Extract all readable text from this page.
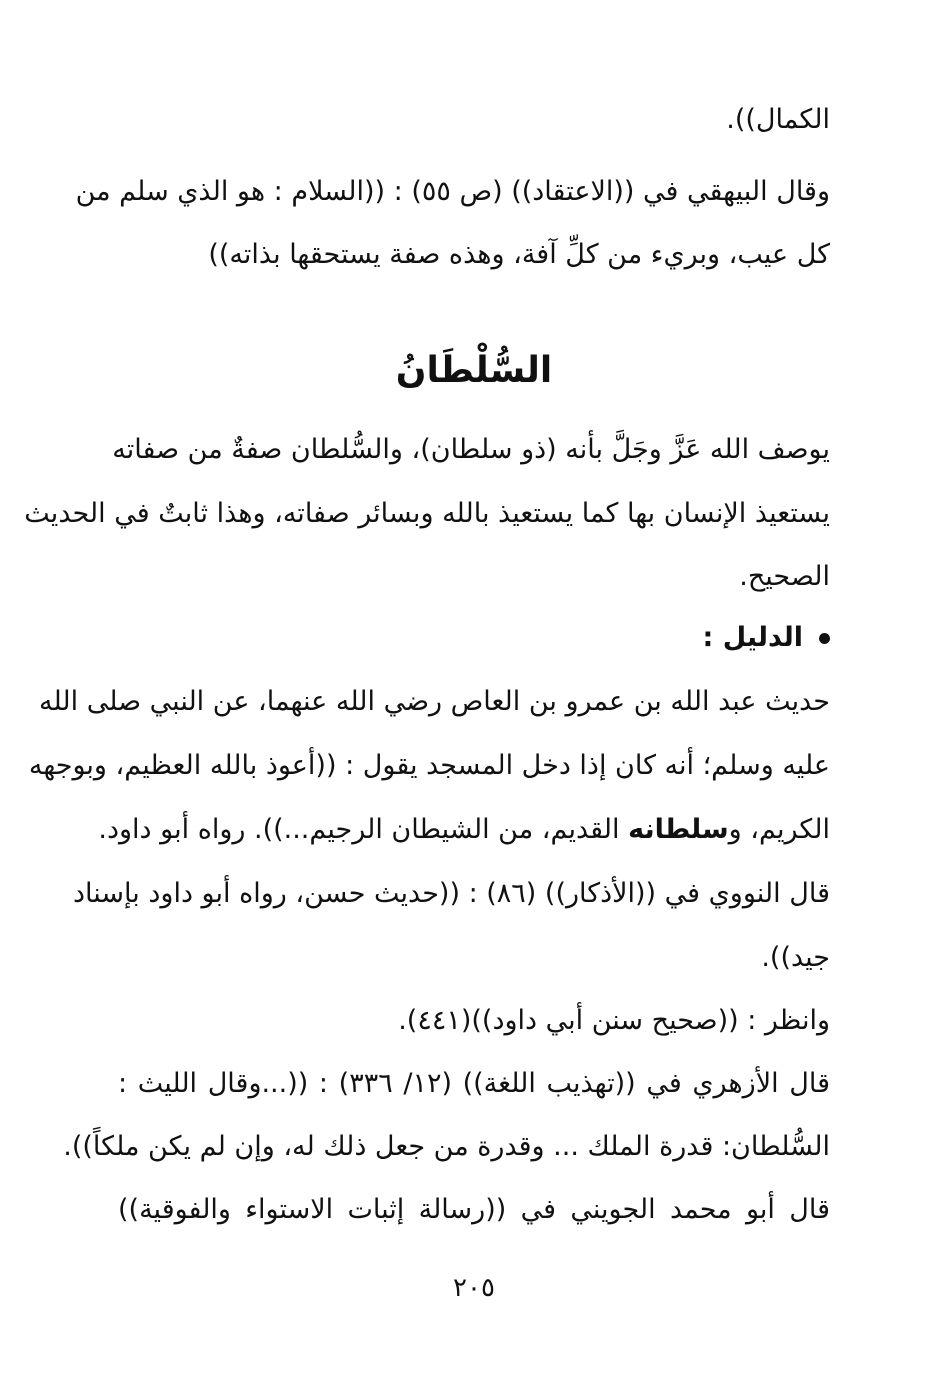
الكمال)).
وقال البيهقي في ((الاعتقاد)) (ص ٥٥) : ((السلام : هو الذي سلم من
كل عيب، وبريء من كلِّ آفة، وهذه صفة يستحقها بذاته))
السُّلْطَانُ
يوصف الله عَزَّ وجَلَّ بأنه (ذو سلطان)، والسُّلطان صفةٌ من صفاته
يستعيذ الإنسان بها كما يستعيذ بالله وبسائر صفاته، وهذا ثابتٌ في الحديث
الصحيح.
الدليل :
حديث عبد الله بن عمرو بن العاص رضي الله عنهما، عن النبي صلى الله
عليه وسلم؛ أنه كان إذا دخل المسجد يقول : ((أعوذ بالله العظيم، وبوجهه
الكريم، وسلطانه القديم، من الشيطان الرجيم...)). رواه أبو داود.
قال النووي في ((الأذكار)) (٨٦) : ((حديث حسن، رواه أبو داود بإسناد
جيد)).
وانظر : ((صحيح سنن أبي داود))(٤٤١).
قال الأزهري في ((تهذيب اللغة)) (١٢/ ٣٣٦) : ((...وقال الليث :
السُّلطان: قدرة الملك ... وقدرة من جعل ذلك له، وإن لم يكن ملكاً)).
قال أبو محمد الجويني في ((رسالة إثبات الاستواء والفوقية))
٢٠٥
